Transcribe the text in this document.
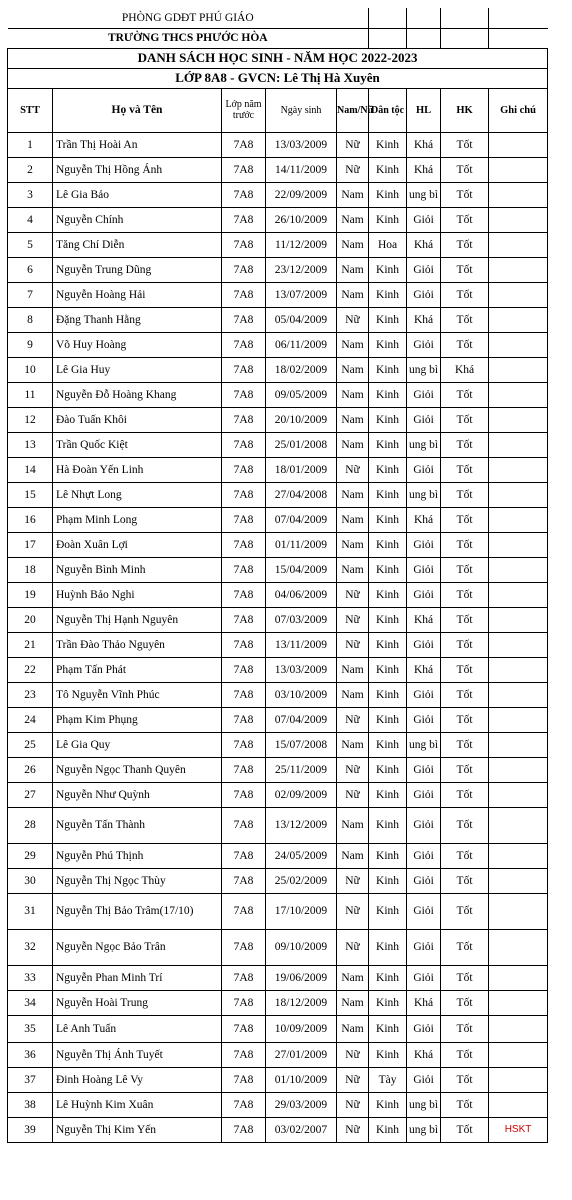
PHÒNG GDĐT PHÚ GIÁO								
TRƯỜNG THCS PHƯỚC HÒA								
DANH SÁCH HỌC SINH - NĂM HỌC 2022-2023								
LỚP 8A8 - GVCN: Lê Thị Hà Xuyên								
STT	Họ và Tên	Lớp năm trước	Ngày sinh	Nam/Nữ	Dân tộc	HL	HK	Ghi chú
1	Trần Thị Hoài An	7A8	13/03/2009	Nữ	Kinh	Khá	Tốt	
2	Nguyễn Thị Hồng Ánh	7A8	14/11/2009	Nữ	Kinh	Khá	Tốt	
3	Lê Gia Bảo	7A8	22/09/2009	Nam	Kinh	ung bì	Tốt	
4	Nguyễn Chính	7A8	26/10/2009	Nam	Kinh	Giỏi	Tốt	
5	Tăng Chí Diễn	7A8	11/12/2009	Nam	Hoa	Khá	Tốt	
6	Nguyễn Trung Dũng	7A8	23/12/2009	Nam	Kinh	Giỏi	Tốt	
7	Nguyễn Hoàng Hải	7A8	13/07/2009	Nam	Kinh	Giỏi	Tốt	
8	Đặng Thanh Hằng	7A8	05/04/2009	Nữ	Kinh	Khá	Tốt	
9	Võ Huy Hoàng	7A8	06/11/2009	Nam	Kinh	Giỏi	Tốt	
10	Lê Gia Huy	7A8	18/02/2009	Nam	Kinh	ung bì	Khá	
11	Nguyễn Đỗ Hoàng Khang	7A8	09/05/2009	Nam	Kinh	Giỏi	Tốt	
12	Đào Tuấn Khôi	7A8	20/10/2009	Nam	Kinh	Giỏi	Tốt	
13	Trần Quốc Kiệt	7A8	25/01/2008	Nam	Kinh	ung bì	Tốt	
14	Hà Đoàn Yến Linh	7A8	18/01/2009	Nữ	Kinh	Giỏi	Tốt	
15	Lê Nhựt Long	7A8	27/04/2008	Nam	Kinh	ung bì	Tốt	
16	Phạm Minh Long	7A8	07/04/2009	Nam	Kinh	Khá	Tốt	
17	Đoàn Xuân Lợi	7A8	01/11/2009	Nam	Kinh	Giỏi	Tốt	
18	Nguyễn Bình Minh	7A8	15/04/2009	Nam	Kinh	Giỏi	Tốt	
19	Huỳnh Bảo Nghi	7A8	04/06/2009	Nữ	Kinh	Giỏi	Tốt	
20	Nguyễn Thị Hạnh Nguyên	7A8	07/03/2009	Nữ	Kinh	Khá	Tốt	
21	Trần Đào Thảo Nguyên	7A8	13/11/2009	Nữ	Kinh	Giỏi	Tốt	
22	Phạm Tấn Phát	7A8	13/03/2009	Nam	Kinh	Khá	Tốt	
23	Tô Nguyễn Vĩnh Phúc	7A8	03/10/2009	Nam	Kinh	Giỏi	Tốt	
24	Phạm Kim Phụng	7A8	07/04/2009	Nữ	Kinh	Giỏi	Tốt	
25	Lê Gia Quy	7A8	15/07/2008	Nam	Kinh	ung bì	Tốt	
26	Nguyễn Ngọc Thanh Quyên	7A8	25/11/2009	Nữ	Kinh	Giỏi	Tốt	
27	Nguyễn Như Quỳnh	7A8	02/09/2009	Nữ	Kinh	Giỏi	Tốt	
28	Nguyễn Tấn Thành	7A8	13/12/2009	Nam	Kinh	Giỏi	Tốt	
29	Nguyễn Phú Thịnh	7A8	24/05/2009	Nam	Kinh	Giỏi	Tốt	
30	Nguyễn Thị Ngọc Thùy	7A8	25/02/2009	Nữ	Kinh	Giỏi	Tốt	
31	Nguyễn Thị Bảo Trâm(17/10)	7A8	17/10/2009	Nữ	Kinh	Giỏi	Tốt	
32	Nguyễn Ngọc Bảo Trân	7A8	09/10/2009	Nữ	Kinh	Giỏi	Tốt	
33	Nguyễn Phan Minh Trí	7A8	19/06/2009	Nam	Kinh	Giỏi	Tốt	
34	Nguyễn Hoài Trung	7A8	18/12/2009	Nam	Kinh	Khá	Tốt	
35	Lê Anh Tuấn	7A8	10/09/2009	Nam	Kinh	Giỏi	Tốt	
36	Nguyễn Thị Ánh Tuyết	7A8	27/01/2009	Nữ	Kinh	Khá	Tốt	
37	Đinh Hoàng Lê Vy	7A8	01/10/2009	Nữ	Tày	Giỏi	Tốt	
38	Lê Huỳnh Kim Xuân	7A8	29/03/2009	Nữ	Kinh	ung bì	Tốt	
39	Nguyễn Thị Kim Yến	7A8	03/02/2007	Nữ	Kinh	ung bì	Tốt	HSKT
